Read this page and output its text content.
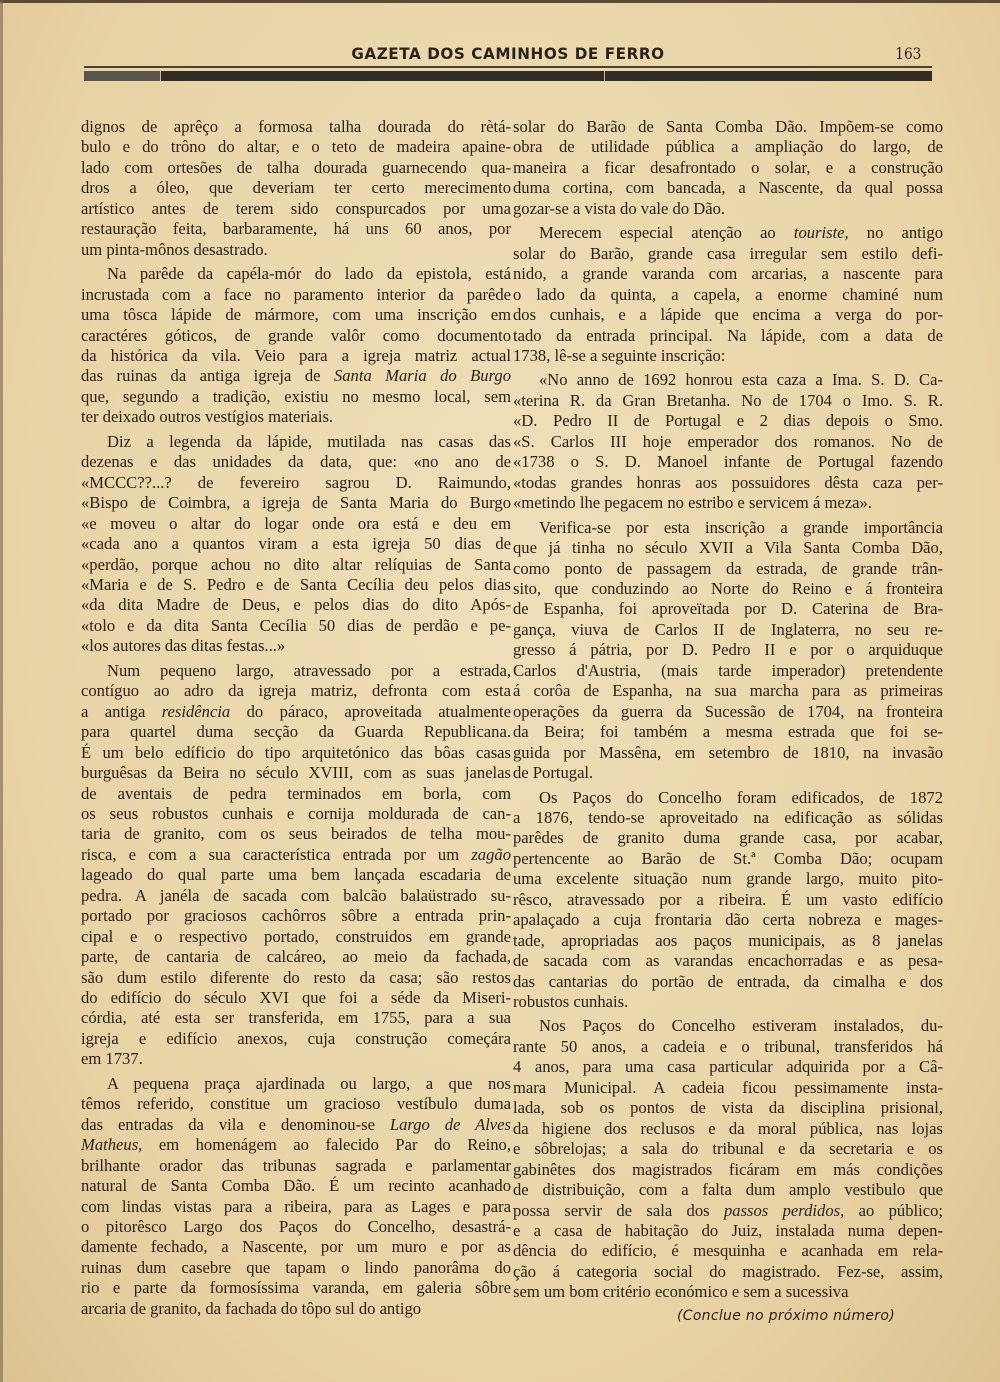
GAZETA DOS CAMINHOS DE FERRO	163

dignos de aprêço a formosa talha dourada do rètá-
bulo e do trôno do altar, e o teto de madeira apaine-
lado com ortesões de talha dourada guarnecendo qua-
dros a óleo, que deveriam ter certo merecimento
artístico antes de terem sido conspurcados por uma
restauração feita, barbaramente, há uns 60 anos, por
um pinta-mônos desastrado.

Na parêde da capéla-mór do lado da epistola, está
incrustada com a face no paramento interior da parêde
uma tôsca lápide de mármore, com uma inscrição em
caractéres góticos, de grande valôr como documento
da histórica da vila. Veio para a igreja matriz actual
das ruinas da antiga igreja de Santa Maria do Burgo
que, segundo a tradição, existiu no mesmo local, sem
ter deixado outros vestígios materiais.

Diz a legenda da lápide, mutilada nas casas das
dezenas e das unidades da data, que: «no ano de
«MCCC??...? de fevereiro sagrou D. Raimundo,
«Bispo de Coimbra, a igreja de Santa Maria do Burgo
«e moveu o altar do logar onde ora está e deu em
«cada ano a quantos viram a esta igreja 50 dias de
«perdão, porque achou no dito altar relíquias de Santa
«Maria e de S. Pedro e de Santa Cecília deu pelos dias
«da dita Madre de Deus, e pelos dias do dito Após-
«tolo e da dita Santa Cecília 50 dias de perdão e pe-
«los autores das ditas festas...»

Num pequeno largo, atravessado por a estrada,
contíguo ao adro da igreja matriz, defronta com esta
a antiga residência do páraco, aproveitada atualmente
para quartel duma secção da Guarda Republicana.
É um belo edíficio do tipo arquitetónico das bôas casas
burguêsas da Beira no século XVIII, com as suas janelas
de aventais de pedra terminados em borla, com
os seus robustos cunhais e cornija moldurada de can-
taria de granito, com os seus beirados de telha mou-
risca, e com a sua característica entrada por um zagão
lageado do qual parte uma bem lançada escadaria de
pedra. A janéla de sacada com balcão balaüstrado su-
portado por graciosos cachôrros sôbre a entrada prin-
cipal e o respectivo portado, construidos em grande
parte, de cantaria de calcáreo, ao meio da fachada,
são dum estilo diferente do resto da casa; são restos
do edifício do século XVI que foi a séde da Miseri-
córdia, até esta ser transferida, em 1755, para a sua
igreja e edifício anexos, cuja construção começára
em 1737.

A pequena praça ajardinada ou largo, a que nos
têmos referido, constitue um gracioso vestíbulo duma
das entradas da vila e denominou-se Largo de Alves
Matheus, em homenágem ao falecido Par do Reino,
brilhante orador das tribunas sagrada e parlamentar
natural de Santa Comba Dão. É um recinto acanhado
com lindas vistas para a ribeira, para as Lages e para
o pitorêsco Largo dos Paços do Concelho, desastrá-
damente fechado, a Nascente, por um muro e por as
ruinas dum casebre que tapam o lindo panorâma do
rio e parte da formosíssima varanda, em galeria sôbre
arcaria de granito, da fachada do tôpo sul do antigo

solar do Barão de Santa Comba Dão. Impõem-se como
obra de utilidade pública a ampliação do largo, de
maneira a ficar desafrontado o solar, e a construção
duma cortina, com bancada, a Nascente, da qual possa
gozar-se a vista do vale do Dão.

Merecem especial atenção ao touriste, no antigo
solar do Barão, grande casa irregular sem estilo defi-
nido, a grande varanda com arcarias, a nascente para
o lado da quinta, a capela, a enorme chaminé num
dos cunhais, e a lápide que encima a verga do por-
tado da entrada principal. Na lápide, com a data de
1738, lê-se a seguinte inscrição:

«No anno de 1692 honrou esta caza a Ima. S. D. Ca-
«terina R. da Gran Bretanha. No de 1704 o Imo. S. R.
«D. Pedro II de Portugal e 2 dias depois o Smo.
«S. Carlos III hoje emperador dos romanos. No de
«1738 o S. D. Manoel infante de Portugal fazendo
«todas grandes honras aos possuidores dêsta caza per-
«metindo lhe pegacem no estribo e servicem á meza».

Verifica-se por esta inscrição a grande importância
que já tinha no século XVII a Vila Santa Comba Dão,
como ponto de passagem da estrada, de grande trân-
sito, que conduzindo ao Norte do Reino e á fronteira
de Espanha, foi aproveïtada por D. Caterina de Bra-
gança, viuva de Carlos II de Inglaterra, no seu re-
gresso á pátria, por D. Pedro II e por o arquiduque
Carlos d'Austria, (mais tarde imperador) pretendente
á corôa de Espanha, na sua marcha para as primeiras
operações da guerra da Sucessão de 1704, na fronteira
da Beira; foi também a mesma estrada que foi se-
guida por Massêna, em setembro de 1810, na invasão
de Portugal.

Os Paços do Concelho foram edificados, de 1872
a 1876, tendo-se aproveitado na edificação as sólidas
parêdes de granito duma grande casa, por acabar,
pertencente ao Barão de St.ª Comba Dão; ocupam
uma excelente situação num grande largo, muito pito-
rêsco, atravessado por a ribeira. É um vasto edifício
apalaçado a cuja frontaria dão certa nobreza e mages-
tade, apropriadas aos paços municipais, as 8 janelas
de sacada com as varandas encachorradas e as pesa-
das cantarias do portão de entrada, da cimalha e dos
robustos cunhais.

Nos Paços do Concelho estiveram instalados, du-
rante 50 anos, a cadeia e o tribunal, transferidos há
4 anos, para uma casa particular adquirida por a Câ-
mara Municipal. A cadeia ficou pessimamente insta-
lada, sob os pontos de vista da disciplina prisional,
da higiene dos reclusos e da moral pública, nas lojas
e sôbrelojas; a sala do tribunal e da secretaria e os
gabinêtes dos magistrados ficáram em más condições
de distribuição, com a falta dum amplo vestibulo que
possa servir de sala dos passos perdidos, ao público;
e a casa de habitação do Juiz, instalada numa depen-
dência do edifício, é mesquinha e acanhada em rela-
ção á categoria social do magistrado. Fez-se, assim,
sem um bom critério económico e sem a sucessiva

(Conclue no próximo número)
